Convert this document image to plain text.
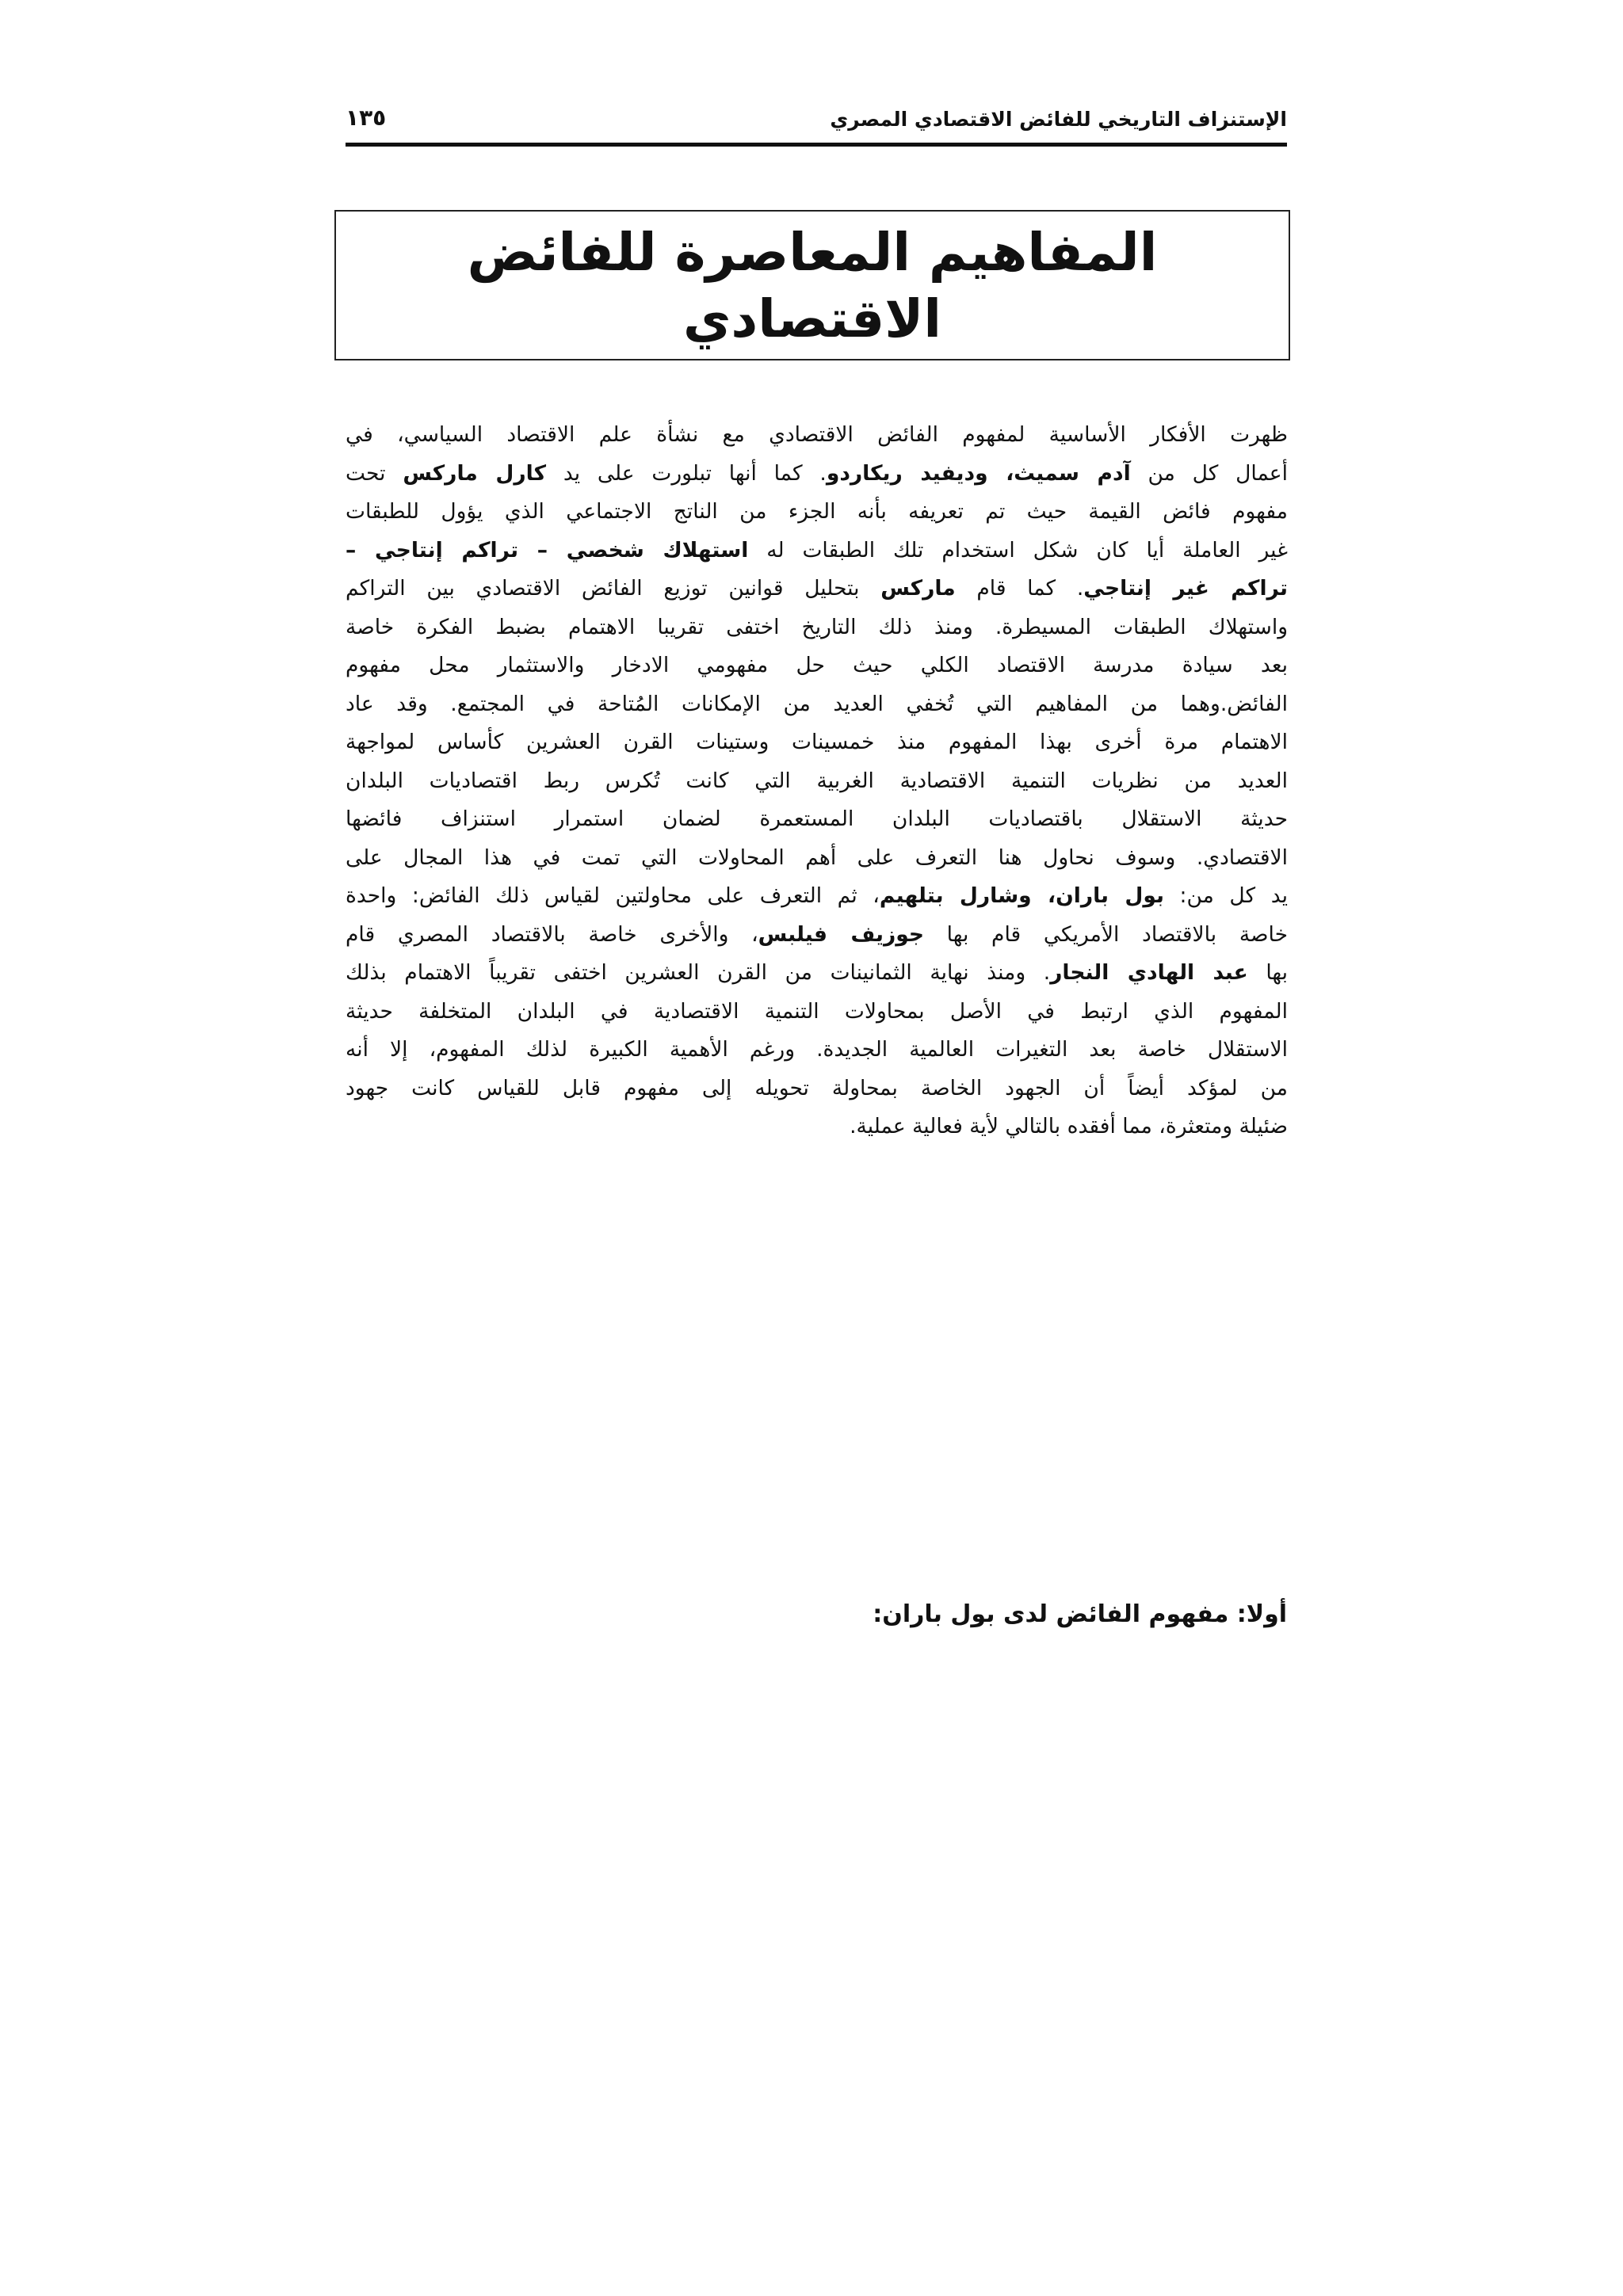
الإستنزاف التاريخي للفائض الاقتصادي المصري
١٣٥
المفاهيم المعاصرة للفائض
الاقتصادي
ظهرت الأفكار الأساسية لمفهوم الفائض الاقتصادي مع نشأة علم الاقتصاد السياسي، في
أعمال كل من آدم سميث، وديفيد ريكاردو. كما أنها تبلورت على يد كارل ماركس تحت
مفهوم فائض القيمة حيث تم تعريفه بأنه الجزء من الناتج الاجتماعي الذي يؤول للطبقات
غير العاملة أيا كان شكل استخدام تلك الطبقات له استهلاك شخصي – تراكم إنتاجي –
تراكم غير إنتاجي. كما قام ماركس بتحليل قوانين توزيع الفائض الاقتصادي بين التراكم
واستهلاك الطبقات المسيطرة. ومنذ ذلك التاريخ اختفى تقريبا الاهتمام بضبط الفكرة خاصة
بعد سيادة مدرسة الاقتصاد الكلي حيث حل مفهومي الادخار والاستثمار محل مفهوم
الفائض.وهما من المفاهيم التي تُخفي العديد من الإمكانات المُتاحة في المجتمع. وقد عاد
الاهتمام مرة أخرى بهذا المفهوم منذ خمسينات وستينات القرن العشرين كأساس لمواجهة
العديد من نظريات التنمية الاقتصادية الغربية التي كانت تُكرس ربط اقتصاديات البلدان
حديثة الاستقلال باقتصاديات البلدان المستعمرة لضمان استمرار استنزاف فائضها
الاقتصادي. وسوف نحاول هنا التعرف على أهم المحاولات التي تمت في هذا المجال على
يد كل من: بول باران، وشارل بتلهيم، ثم التعرف على محاولتين لقياس ذلك الفائض: واحدة
خاصة بالاقتصاد الأمريكي قام بها جوزيف فيلبس، والأخرى خاصة بالاقتصاد المصري قام
بها عبد الهادي النجار. ومنذ نهاية الثمانينات من القرن العشرين اختفى تقريباً الاهتمام بذلك
المفهوم الذي ارتبط في الأصل بمحاولات التنمية الاقتصادية في البلدان المتخلفة حديثة
الاستقلال خاصة بعد التغيرات العالمية الجديدة. ورغم الأهمية الكبيرة لذلك المفهوم، إلا أنه
من لمؤكد أيضاً أن الجهود الخاصة بمحاولة تحويله إلى مفهوم قابل للقياس كانت جهود
ضئيلة ومتعثرة، مما أفقده بالتالي لأية فعالية عملية.
أولا: مفهوم الفائض لدى بول باران:
